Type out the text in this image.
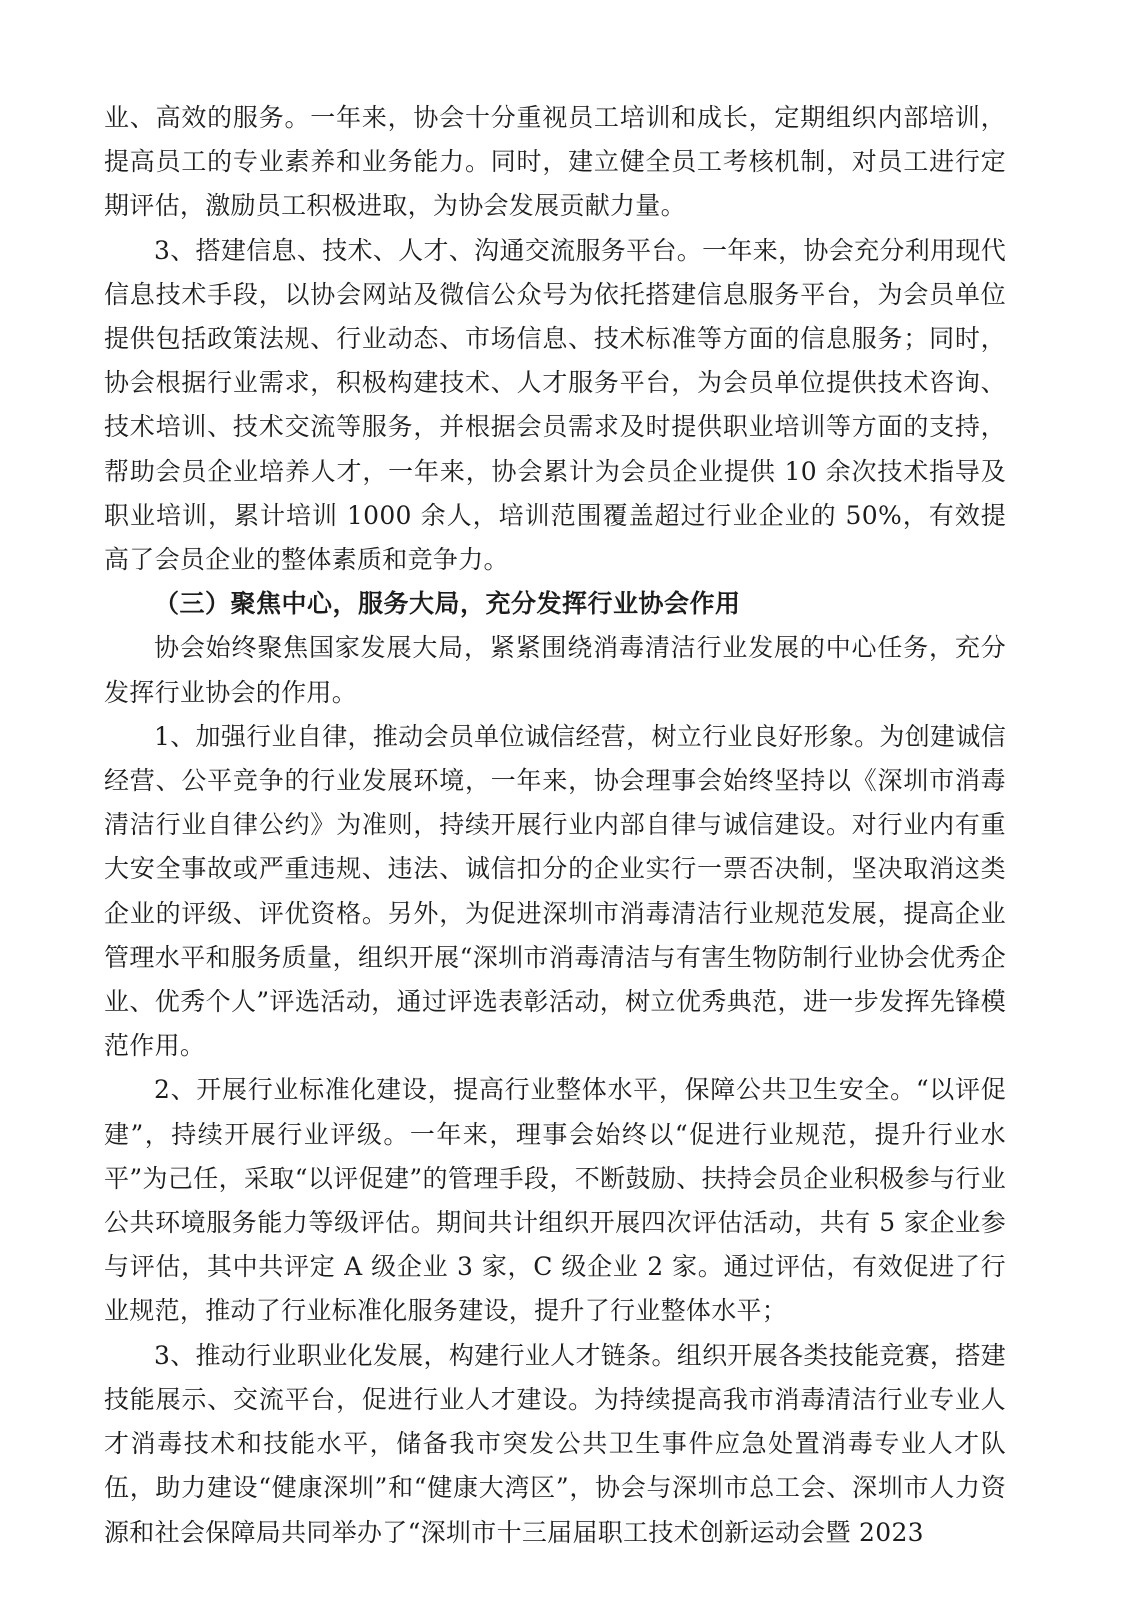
业、高效的服务。一年来，协会十分重视员工培训和成长，定期组织内部培训，提高员工的专业素养和业务能力。同时，建立健全员工考核机制，对员工进行定期评估，激励员工积极进取，为协会发展贡献力量。

3、搭建信息、技术、人才、沟通交流服务平台。一年来，协会充分利用现代信息技术手段，以协会网站及微信公众号为依托搭建信息服务平台，为会员单位提供包括政策法规、行业动态、市场信息、技术标准等方面的信息服务；同时，协会根据行业需求，积极构建技术、人才服务平台，为会员单位提供技术咨询、技术培训、技术交流等服务，并根据会员需求及时提供职业培训等方面的支持，帮助会员企业培养人才，一年来，协会累计为会员企业提供 10 余次技术指导及职业培训，累计培训 1000 余人，培训范围覆盖超过行业企业的 50%，有效提高了会员企业的整体素质和竞争力。

（三）聚焦中心，服务大局，充分发挥行业协会作用

协会始终聚焦国家发展大局，紧紧围绕消毒清洁行业发展的中心任务，充分发挥行业协会的作用。

1、加强行业自律，推动会员单位诚信经营，树立行业良好形象。为创建诚信经营、公平竞争的行业发展环境，一年来，协会理事会始终坚持以《深圳市消毒清洁行业自律公约》为准则，持续开展行业内部自律与诚信建设。对行业内有重大安全事故或严重违规、违法、诚信扣分的企业实行一票否决制，坚决取消这类企业的评级、评优资格。另外，为促进深圳市消毒清洁行业规范发展，提高企业管理水平和服务质量，组织开展“深圳市消毒清洁与有害生物防制行业协会优秀企业、优秀个人”评选活动，通过评选表彰活动，树立优秀典范，进一步发挥先锋模范作用。

2、开展行业标准化建设，提高行业整体水平，保障公共卫生安全。“以评促建”，持续开展行业评级。一年来，理事会始终以“促进行业规范，提升行业水平”为己任，采取“以评促建”的管理手段，不断鼓励、扶持会员企业积极参与行业公共环境服务能力等级评估。期间共计组织开展四次评估活动，共有 5 家企业参与评估，其中共评定 A 级企业 3 家，C 级企业 2 家。通过评估，有效促进了行业规范，推动了行业标准化服务建设，提升了行业整体水平；

3、推动行业职业化发展，构建行业人才链条。组织开展各类技能竞赛，搭建技能展示、交流平台，促进行业人才建设。为持续提高我市消毒清洁行业专业人才消毒技术和技能水平，储备我市突发公共卫生事件应急处置消毒专业人才队伍，助力建设“健康深圳”和“健康大湾区”，协会与深圳市总工会、深圳市人力资源和社会保障局共同举办了“深圳市十三届届职工技术创新运动会暨 2023
